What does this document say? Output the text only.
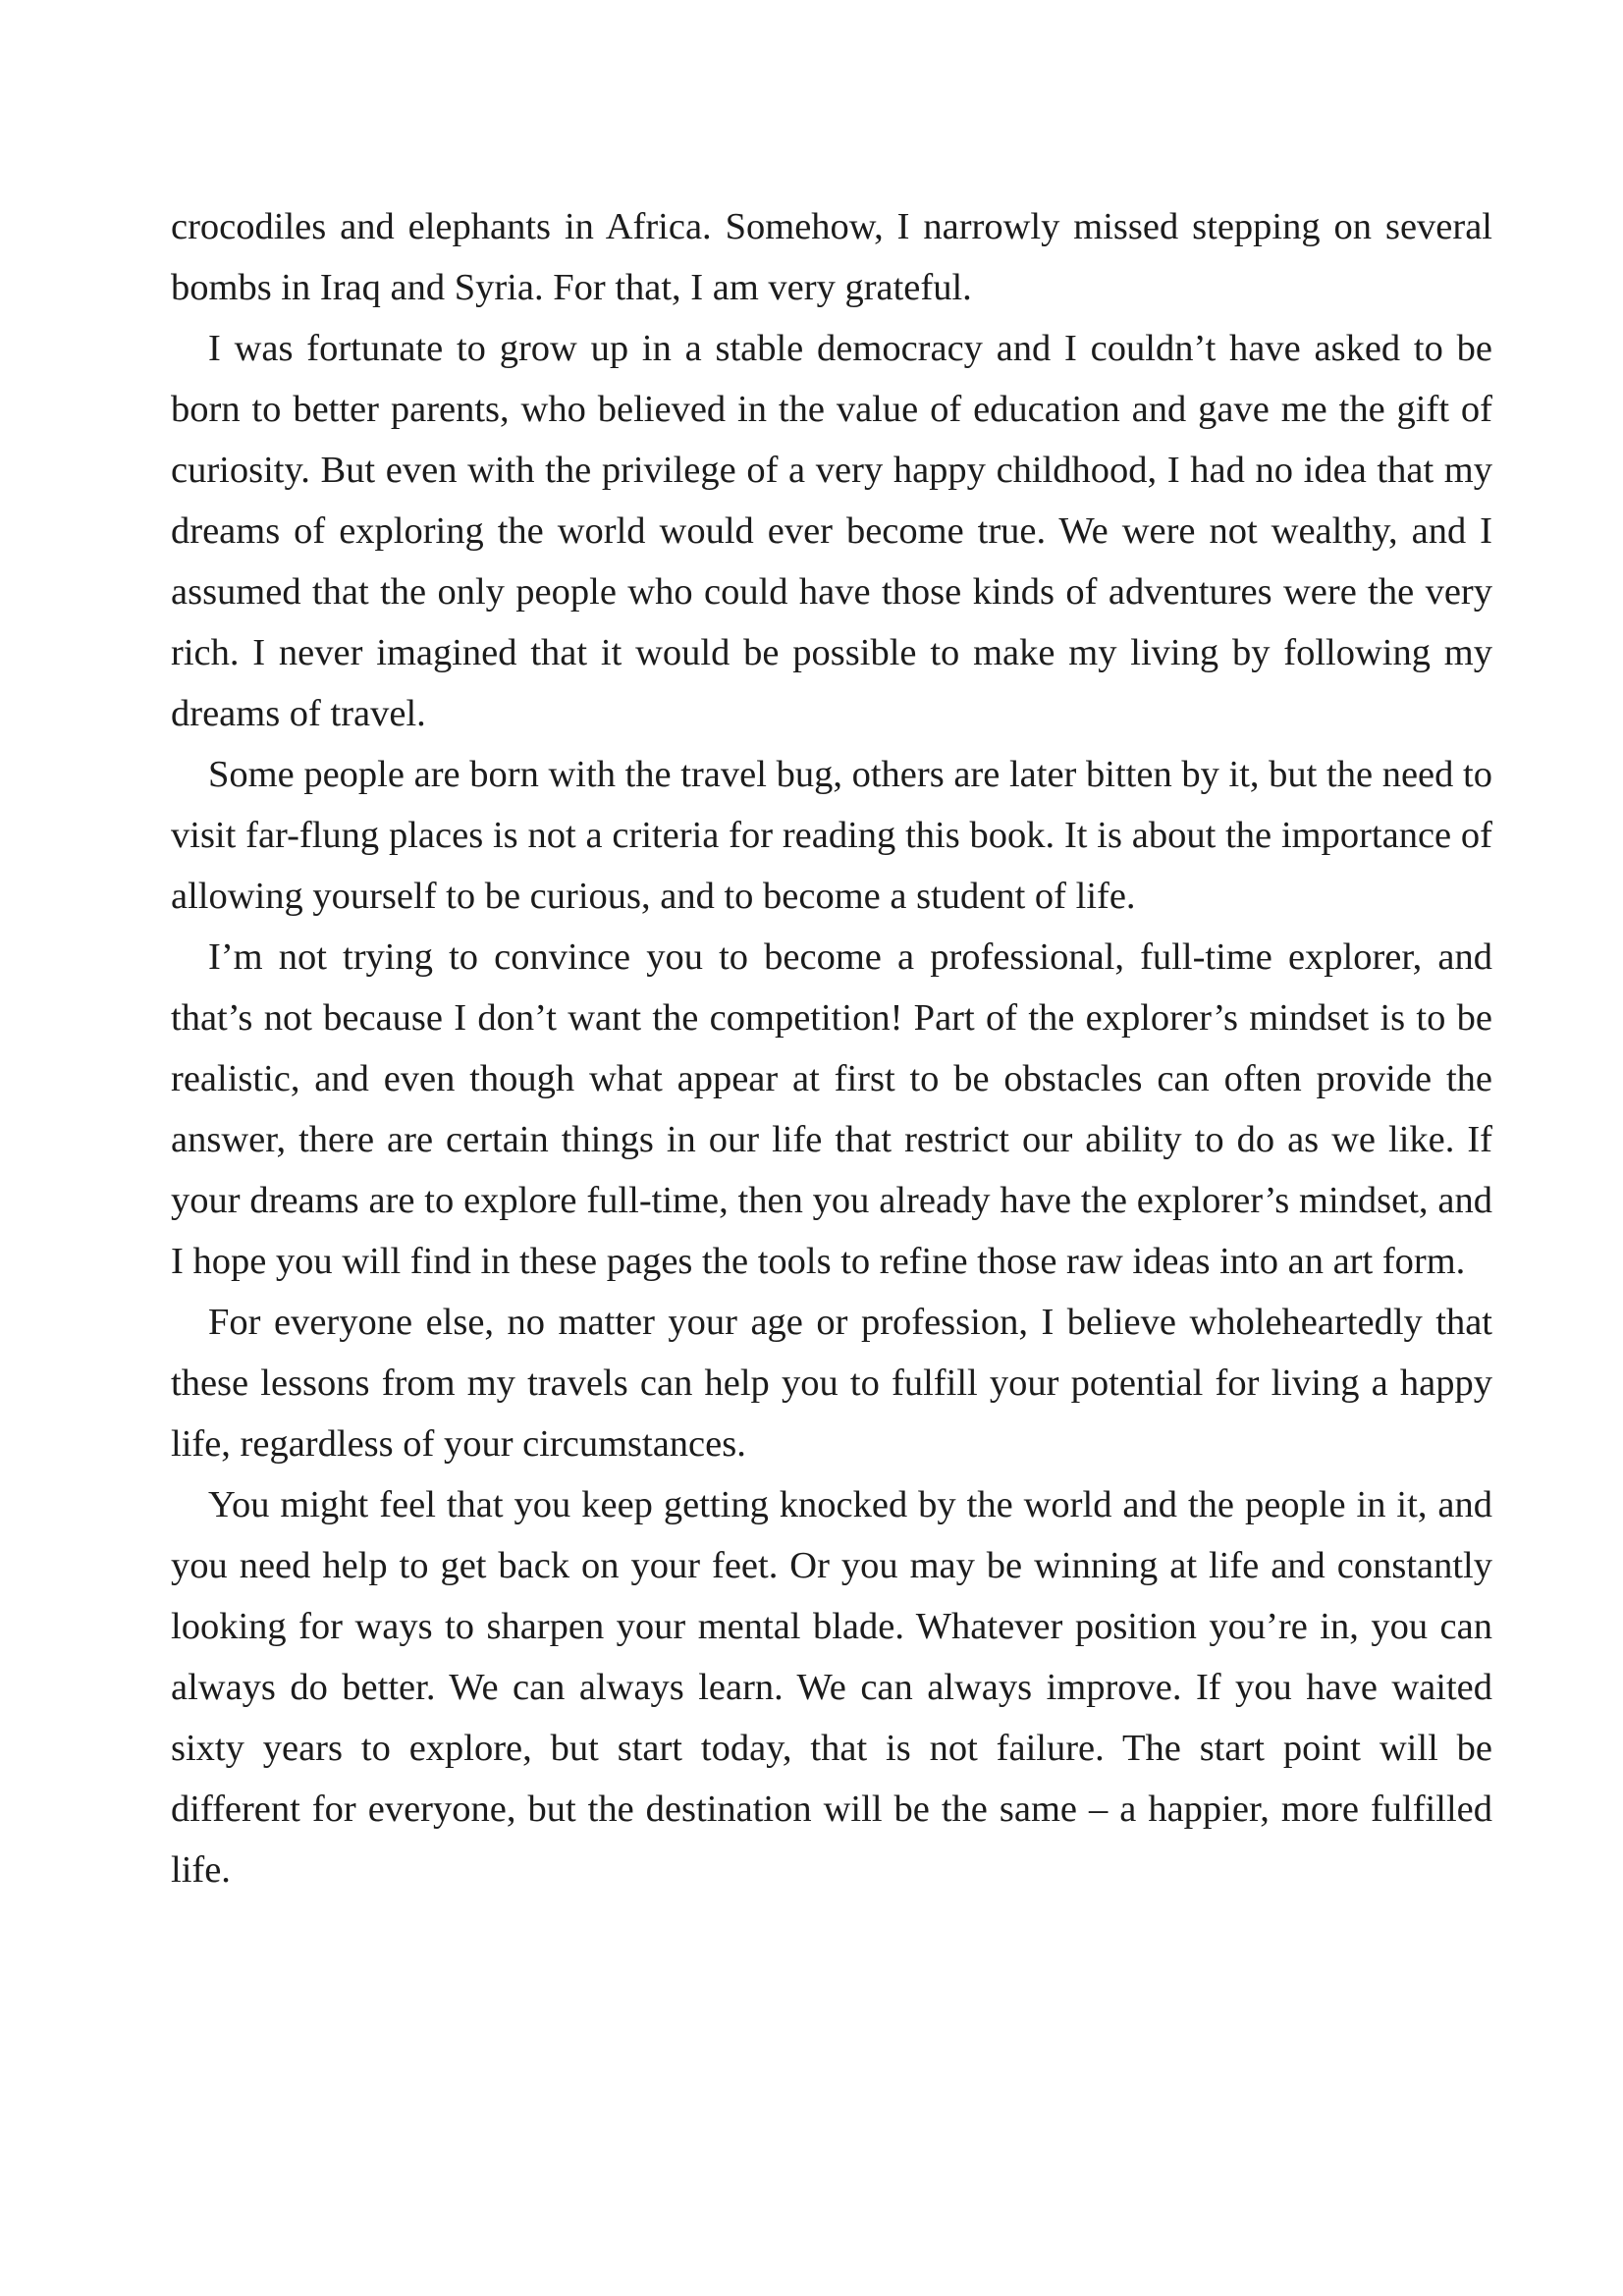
crocodiles and elephants in Africa. Somehow, I narrowly missed stepping on several bombs in Iraq and Syria. For that, I am very grateful.

I was fortunate to grow up in a stable democracy and I couldn’t have asked to be born to better parents, who believed in the value of education and gave me the gift of curiosity. But even with the privilege of a very happy childhood, I had no idea that my dreams of exploring the world would ever become true. We were not wealthy, and I assumed that the only people who could have those kinds of adventures were the very rich. I never imagined that it would be possible to make my living by following my dreams of travel.

Some people are born with the travel bug, others are later bitten by it, but the need to visit far-flung places is not a criteria for reading this book. It is about the importance of allowing yourself to be curious, and to become a student of life.

I’m not trying to convince you to become a professional, full-time explorer, and that’s not because I don’t want the competition! Part of the explorer’s mindset is to be realistic, and even though what appear at first to be obstacles can often provide the answer, there are certain things in our life that restrict our ability to do as we like. If your dreams are to explore full-time, then you already have the explorer’s mindset, and I hope you will find in these pages the tools to refine those raw ideas into an art form.

For everyone else, no matter your age or profession, I believe wholeheartedly that these lessons from my travels can help you to fulfill your potential for living a happy life, regardless of your circumstances.

You might feel that you keep getting knocked by the world and the people in it, and you need help to get back on your feet. Or you may be winning at life and constantly looking for ways to sharpen your mental blade. Whatever position you’re in, you can always do better. We can always learn. We can always improve. If you have waited sixty years to explore, but start today, that is not failure. The start point will be different for everyone, but the destination will be the same – a happier, more fulfilled life.
